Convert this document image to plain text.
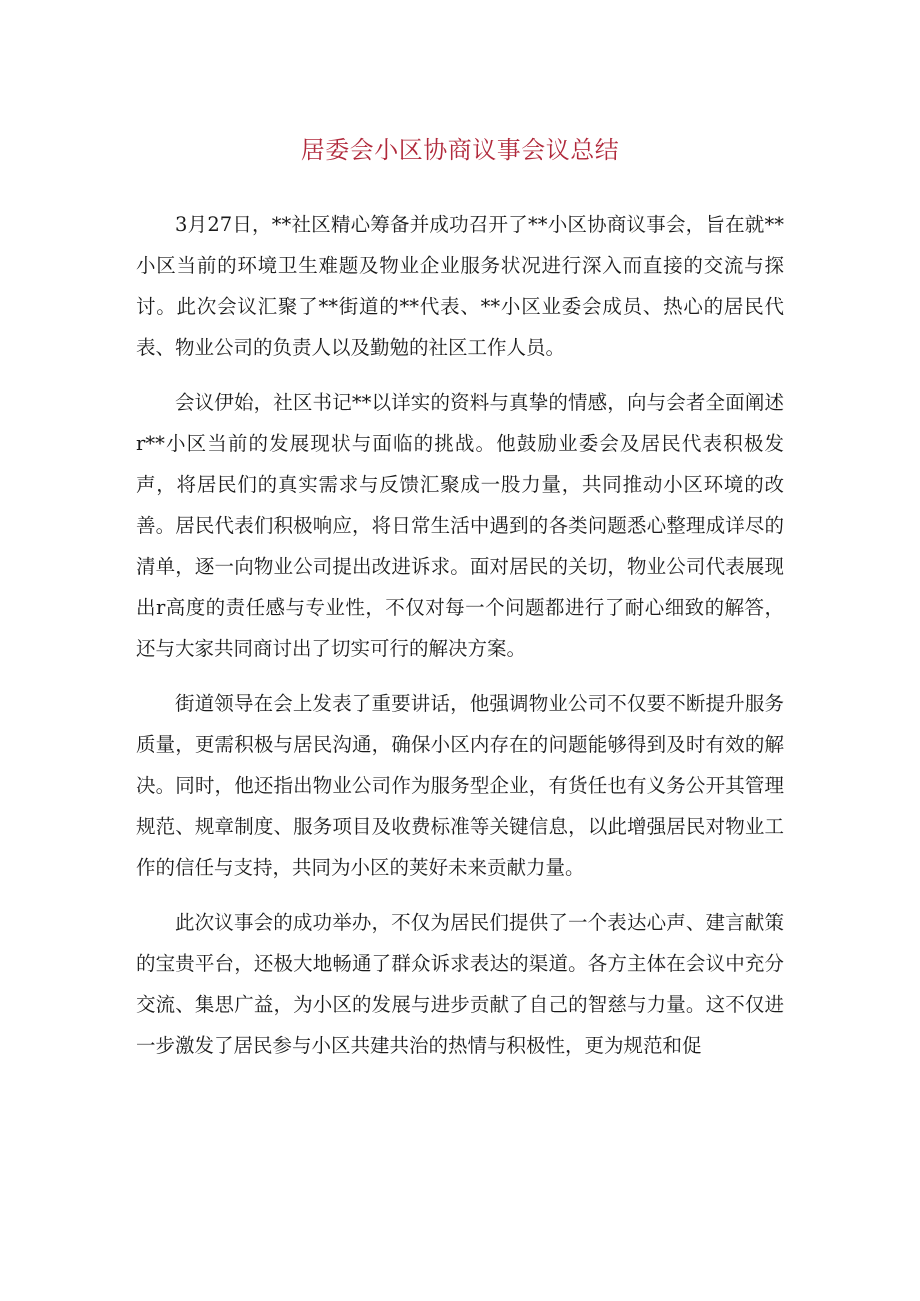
居委会小区协商议事会议总结

3月27日，**社区精心筹备并成功召开了**小区协商议事会，旨在就**小区当前的环境卫生难题及物业企业服务状况进行深入而直接的交流与探讨。此次会议汇聚了**街道的**代表、**小区业委会成员、热心的居民代表、物业公司的负责人以及勤勉的社区工作人员。

会议伊始，社区书记**以详实的资料与真挚的情感，向与会者全面阐述r**小区当前的发展现状与面临的挑战。他鼓励业委会及居民代表积极发声，将居民们的真实需求与反馈汇聚成一股力量，共同推动小区环境的改善。居民代表们积极响应，将日常生活中遇到的各类问题悉心整理成详尽的清单，逐一向物业公司提出改进诉求。面对居民的关切，物业公司代表展现出r高度的责任感与专业性，不仅对每一个问题都进行了耐心细致的解答，还与大家共同商讨出了切实可行的解决方案。

街道领导在会上发表了重要讲话，他强调物业公司不仅要不断提升服务质量，更需积极与居民沟通，确保小区内存在的问题能够得到及时有效的解决。同时，他还指出物业公司作为服务型企业，有货任也有义务公开其管理规范、规章制度、服务项目及收费标准等关键信息，以此增强居民对物业工作的信任与支持，共同为小区的荚好未来贡献力量。

此次议事会的成功举办，不仅为居民们提供了一个表达心声、建言献策的宝贵平台，还极大地畅通了群众诉求表达的渠道。各方主体在会议中充分交流、集思广益，为小区的发展与进步贡献了自己的智慈与力量。这不仅进一步激发了居民参与小区共建共治的热情与积极性，更为规范和促
